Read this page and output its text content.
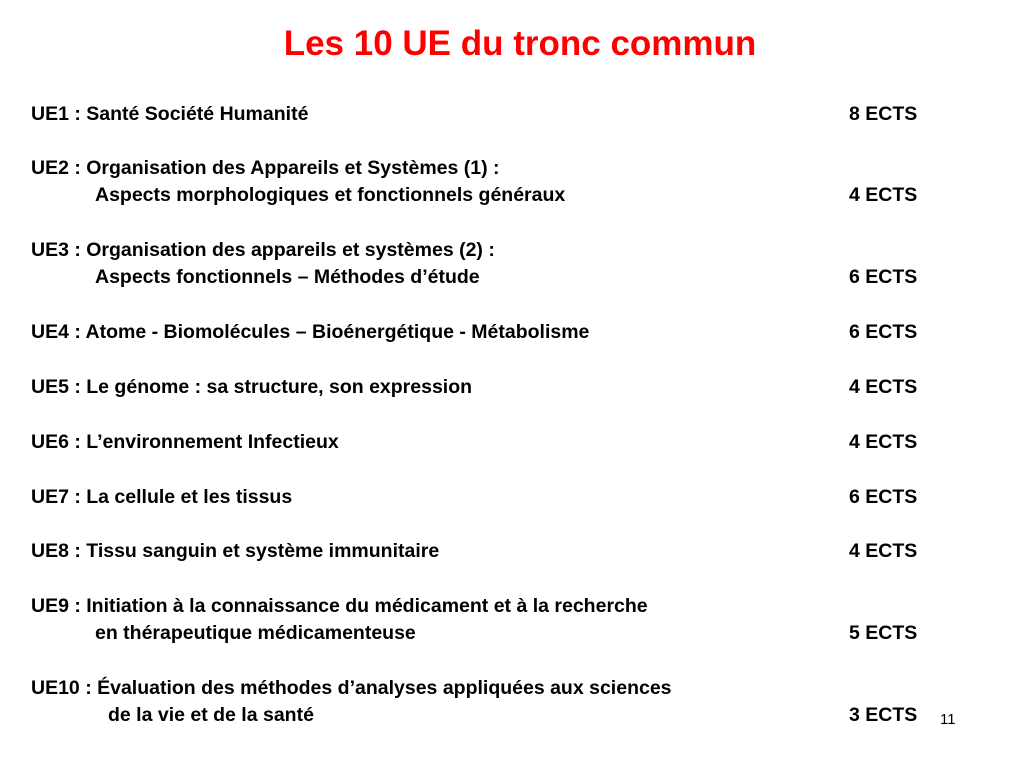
Les 10 UE du tronc commun
UE1 : Santé Société Humanité	8 ECTS
UE2 : Organisation des Appareils et Systèmes (1) :
Aspects morphologiques et fonctionnels généraux	4 ECTS
UE3 : Organisation des appareils et systèmes (2) :
Aspects fonctionnels – Méthodes d’étude	6 ECTS
UE4 : Atome - Biomolécules – Bioénergétique - Métabolisme	6 ECTS
UE5 : Le génome : sa structure, son expression	4 ECTS
UE6 : L’environnement Infectieux	4 ECTS
UE7 : La cellule et les tissus	6 ECTS
UE8 : Tissu sanguin et système immunitaire	4 ECTS
UE9 : Initiation à la connaissance du médicament et à la recherche
en thérapeutique médicamenteuse	5 ECTS
UE10 : Évaluation des méthodes d’analyses appliquées aux sciences
de la vie et de la santé	3 ECTS 11
